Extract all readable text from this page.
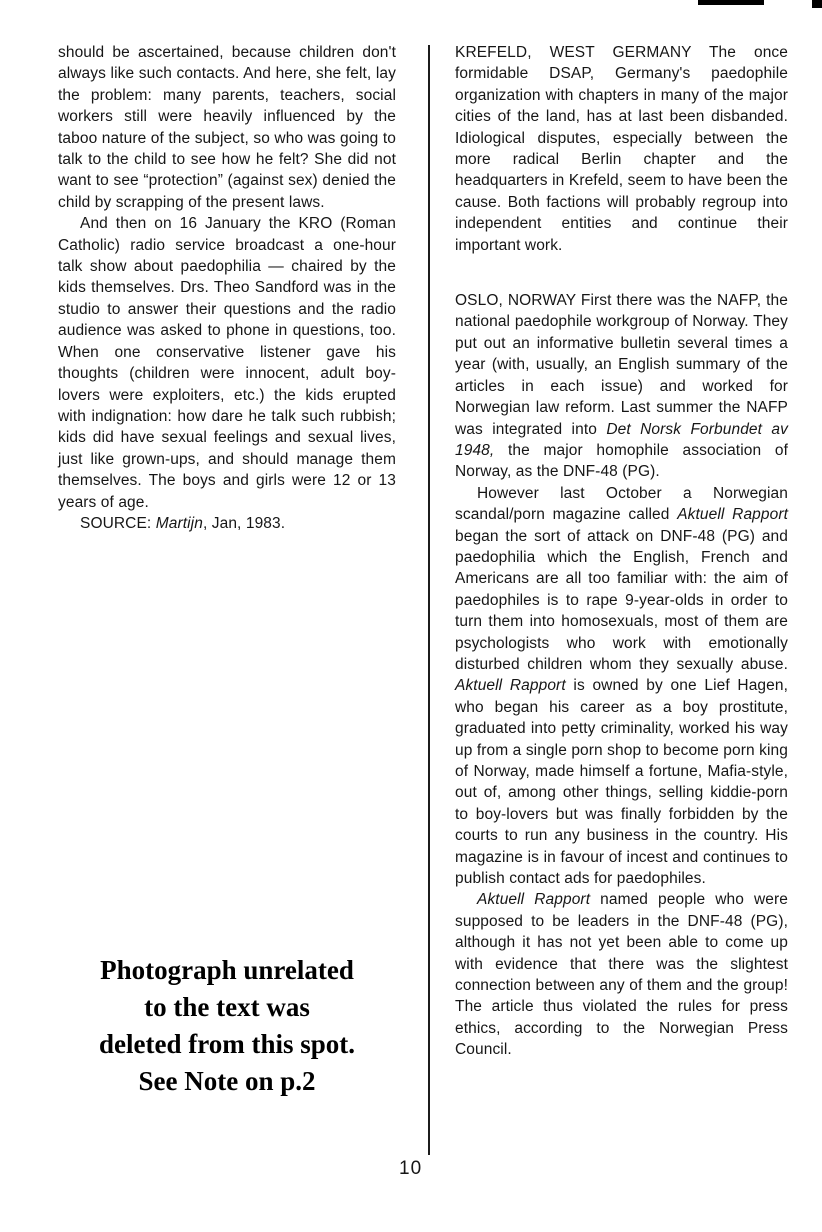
should be ascertained, because children don't always like such contacts. And here, she felt, lay the problem: many parents, teachers, social workers still were heavily influenced by the taboo nature of the subject, so who was going to talk to the child to see how he felt? She did not want to see “protection” (against sex) denied the child by scrapping of the present laws.

And then on 16 January the KRO (Roman Catholic) radio service broadcast a one-hour talk show about paedophilia — chaired by the kids themselves. Drs. Theo Sandford was in the studio to answer their questions and the radio audience was asked to phone in questions, too. When one conservative listener gave his thoughts (children were innocent, adult boy-lovers were exploiters, etc.) the kids erupted with indignation: how dare he talk such rubbish; kids did have sexual feelings and sexual lives, just like grown-ups, and should manage them themselves. The boys and girls were 12 or 13 years of age.

SOURCE: Martijn, Jan, 1983.

Photograph unrelated
to the text was
deleted from this spot.
See Note on p.2

KREFELD, WEST GERMANY The once formidable DSAP, Germany's paedophile organization with chapters in many of the major cities of the land, has at last been disbanded. Idiological disputes, especially between the more radical Berlin chapter and the headquarters in Krefeld, seem to have been the cause. Both factions will probably regroup into independent entities and continue their important work.

OSLO, NORWAY First there was the NAFP, the national paedophile workgroup of Norway. They put out an informative bulletin several times a year (with, usually, an English summary of the articles in each issue) and worked for Norwegian law reform. Last summer the NAFP was integrated into Det Norsk Forbundet av 1948, the major homophile association of Norway, as the DNF-48 (PG).

However last October a Norwegian scandal/porn magazine called Aktuell Rapport began the sort of attack on DNF-48 (PG) and paedophilia which the English, French and Americans are all too familiar with: the aim of paedophiles is to rape 9-year-olds in order to turn them into homosexuals, most of them are psychologists who work with emotionally disturbed children whom they sexually abuse. Aktuell Rapport is owned by one Lief Hagen, who began his career as a boy prostitute, graduated into petty criminality, worked his way up from a single porn shop to become porn king of Norway, made himself a fortune, Mafia-style, out of, among other things, selling kiddie-porn to boy-lovers but was finally forbidden by the courts to run any business in the country. His magazine is in favour of incest and continues to publish contact ads for paedophiles.

Aktuell Rapport named people who were supposed to be leaders in the DNF-48 (PG), although it has not yet been able to come up with evidence that there was the slightest connection between any of them and the group! The article thus violated the rules for press ethics, according to the Norwegian Press Council.

10
